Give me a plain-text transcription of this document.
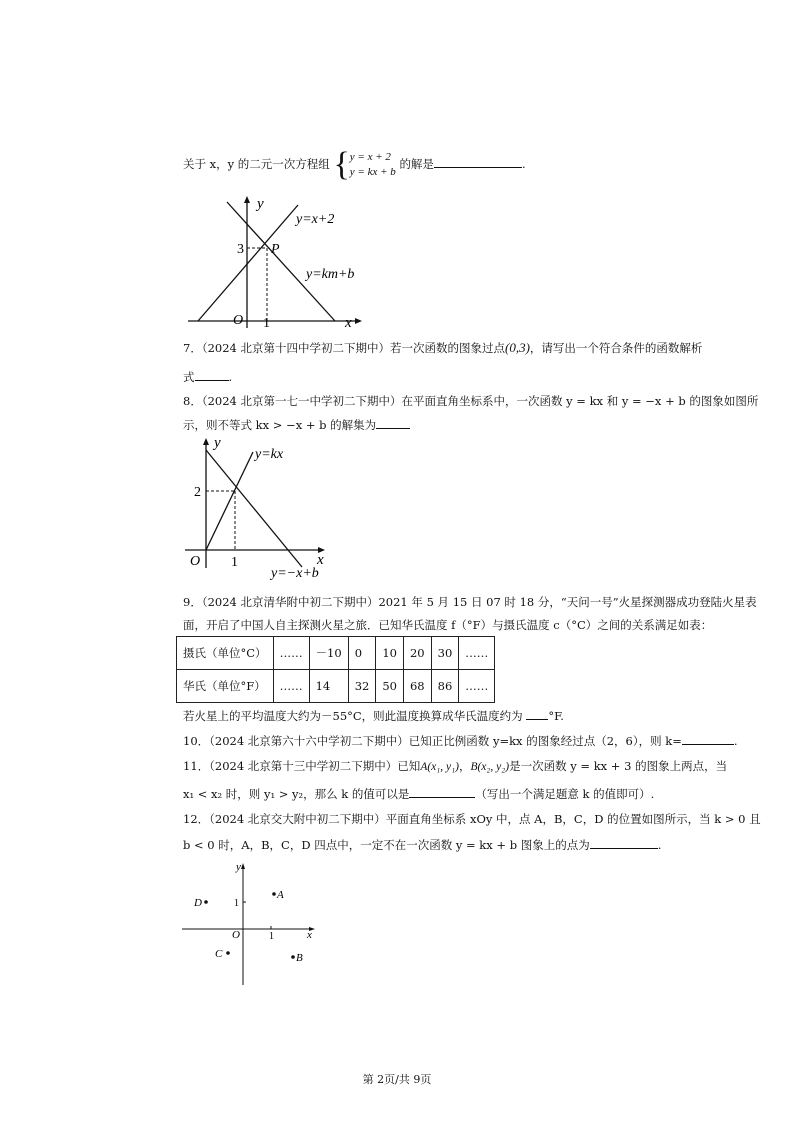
关于 x，y 的二元一次方程组 {y = x + 2
y = kx + b 的解是	.
y
x
O 1
3 P
y=x+2
y=km+b
7．（2024 北京第十四中学初二下期中）若一次函数的图象过点(0,3)，请写出一个符合条件的函数解析
式	.
8．（2024 北京第一七一中学初二下期中）在平面直角坐标系中，一次函数 y = kx 和 y = −x + b 的图象如图所
示，则不等式 kx > −x + b 的解集为
y
x
O 1
2
y=kx
y=−x+b
9．（2024 北京清华附中初二下期中）2021 年 5 月 15 日 07 时 18 分，“天问一号”火星探测器成功登陆火星表
面，开启了中国人自主探测火星之旅．已知华氏温度 f（°F）与摄氏温度 c（°C）之间的关系满足如表：
摄氏（单位°C）	……	－10	0	10	20	30	……
华氏（单位°F）	……	14	32	50	68	86	……
若火星上的平均温度大约为－55°C，则此温度换算成华氏温度约为 °F.
10．（2024 北京第六十六中学初二下期中）已知正比例函数 y=kx 的图象经过点（2，6），则 k=	.
11．（2024 北京第十三中学初二下期中）已知A(x₁, y₁)，B(x₂, y₂)是一次函数 y = kx + 3 的图象上两点，当
x₁ < x₂ 时，则 y₁ > y₂，那么 k 的值可以是	（写出一个满足题意 k 的值即可）.
12．（2024 北京交大附中初二下期中）平面直角坐标系 xOy 中，点 A，B，C，D 的位置如图所示，当 k > 0 且
b < 0 时，A，B，C，D 四点中，一定不在一次函数 y = kx + b 图象上的点为	.
y
x
O	1
1
A
B
C
D
第 2页/共 9页
